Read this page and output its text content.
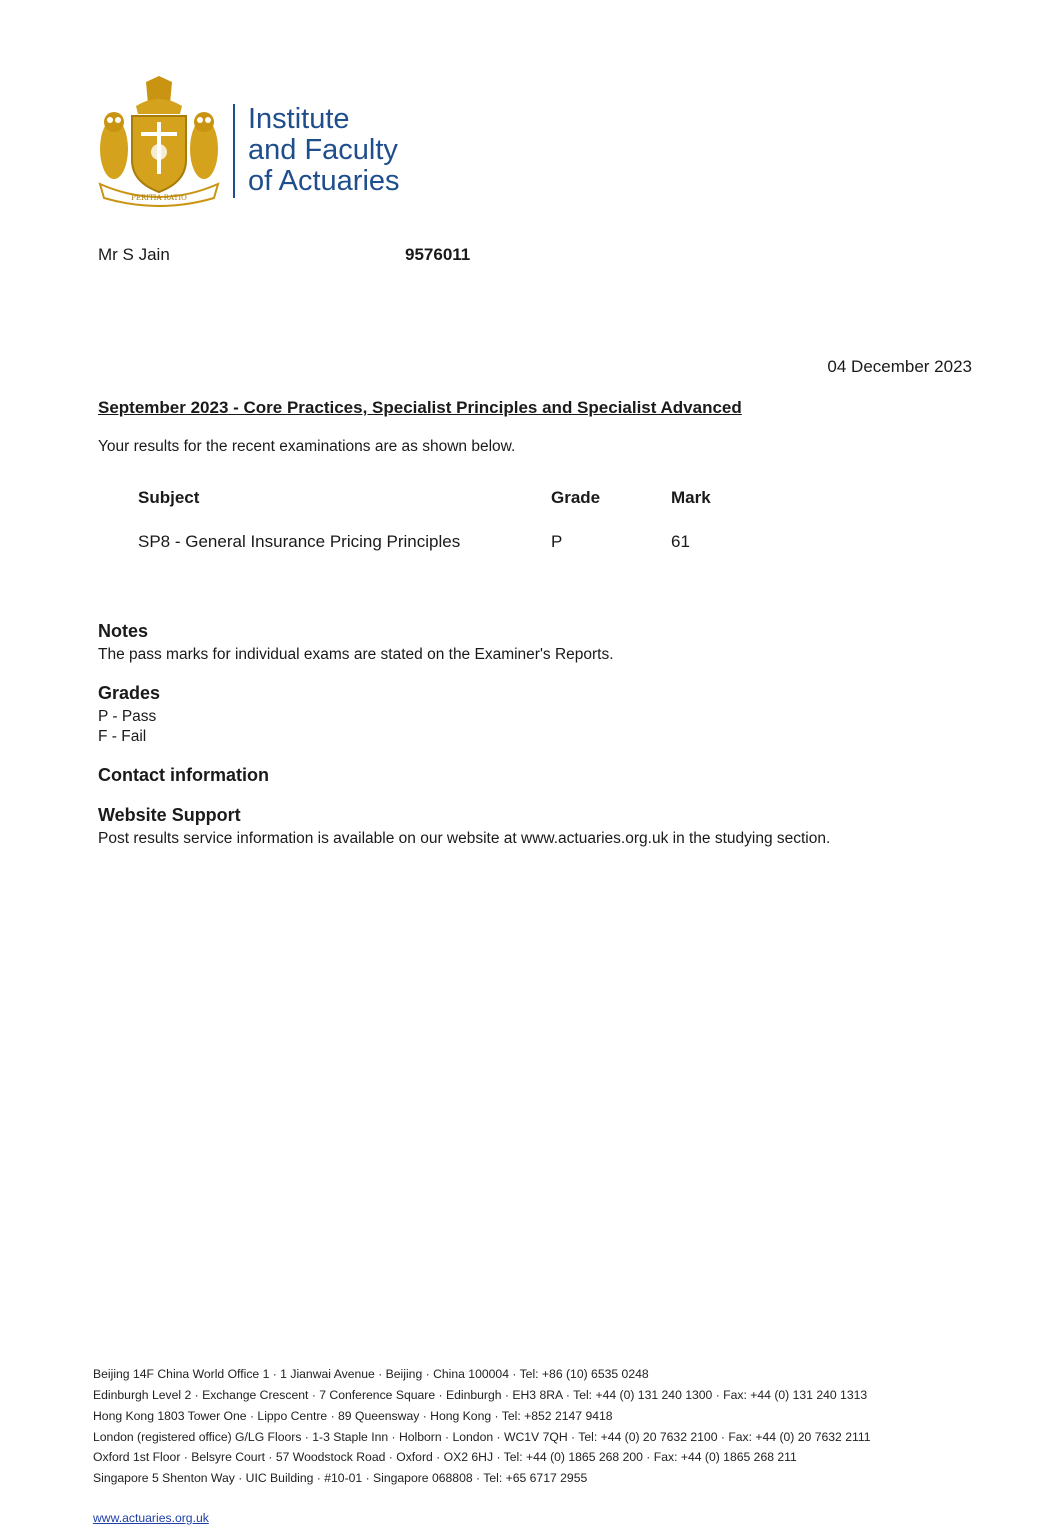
PERITIA RATIO
Institute
and Faculty
of Actuaries
Mr S Jain	9576011
04 December 2023
September 2023 - Core Practices, Specialist Principles and Specialist Advanced
Your results for the recent examinations are as shown below.
Subject	Grade	Mark
SP8 - General Insurance Pricing Principles	P	61
Notes
The pass marks for individual exams are stated on the Examiner's Reports.
Grades
P - Pass
F - Fail
Contact information
Website Support
Post results service information is available on our website at www.actuaries.org.uk in the studying section.
Beijing 14F China World Office 1 · 1 Jianwai Avenue · Beijing · China 100004 · Tel: +86 (10) 6535 0248
Edinburgh Level 2 · Exchange Crescent · 7 Conference Square · Edinburgh · EH3 8RA · Tel: +44 (0) 131 240 1300 · Fax: +44 (0) 131 240 1313
Hong Kong 1803 Tower One · Lippo Centre · 89 Queensway · Hong Kong · Tel: +852 2147 9418
London (registered office) G/LG Floors · 1-3 Staple Inn · Holborn · London · WC1V 7QH · Tel: +44 (0) 20 7632 2100 · Fax: +44 (0) 20 7632 2111
Oxford 1st Floor · Belsyre Court · 57 Woodstock Road · Oxford · OX2 6HJ · Tel: +44 (0) 1865 268 200 · Fax: +44 (0) 1865 268 211
Singapore 5 Shenton Way · UIC Building · #10-01 · Singapore 068808 · Tel: +65 6717 2955
www.actuaries.org.uk
